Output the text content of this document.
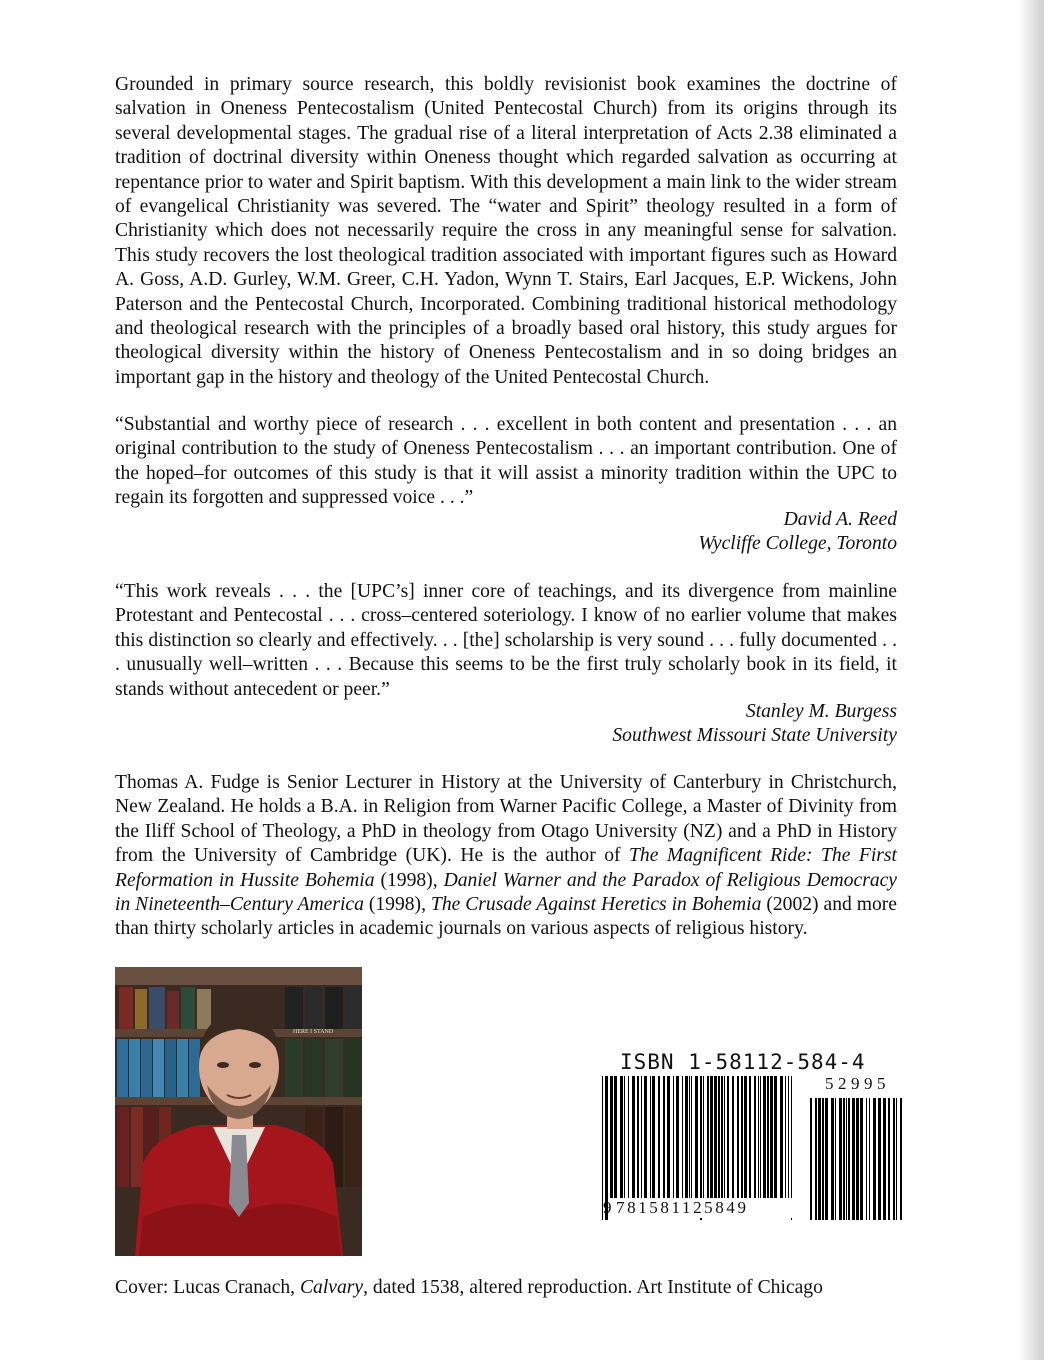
Grounded in primary source research, this boldly revisionist book examines the doctrine of salvation in Oneness Pentecostalism (United Pentecostal Church) from its origins through its several developmental stages. The gradual rise of a literal interpretation of Acts 2.38 eliminated a tradition of doctrinal diversity within Oneness thought which regarded salvation as occurring at repentance prior to water and Spirit baptism. With this development a main link to the wider stream of evangelical Christianity was severed. The “water and Spirit” theology resulted in a form of Christianity which does not necessarily require the cross in any meaningful sense for salvation. This study recovers the lost theological tradition associated with important figures such as Howard A. Goss, A.D. Gurley, W.M. Greer, C.H. Yadon, Wynn T. Stairs, Earl Jacques, E.P. Wickens, John Paterson and the Pentecostal Church, Incorporated. Combining traditional historical methodology and theological research with the principles of a broadly based oral history, this study argues for theological diversity within the history of Oneness Pentecostalism and in so doing bridges an important gap in the history and theology of the United Pentecostal Church.

“Substantial and worthy piece of research . . . excellent in both content and presentation . . . an original contribution to the study of Oneness Pentecostalism . . . an important contribution. One of the hoped–for outcomes of this study is that it will assist a minority tradition within the UPC to regain its forgotten and suppressed voice . . .”

David A. Reed
Wycliffe College, Toronto

“This work reveals . . . the [UPC’s] inner core of teachings, and its divergence from mainline Protestant and Pentecostal . . . cross–centered soteriology. I know of no earlier volume that makes this distinction so clearly and effectively. . . [the] scholarship is very sound . . . fully documented . . . unusually well–written . . . Because this seems to be the first truly scholarly book in its field, it stands without antecedent or peer.”

Stanley M. Burgess
Southwest Missouri State University

Thomas A. Fudge is Senior Lecturer in History at the University of Canterbury in Christchurch, New Zealand. He holds a B.A. in Religion from Warner Pacific College, a Master of Divinity from the Iliff School of Theology, a PhD in theology from Otago University (NZ) and a PhD in History from the University of Cambridge (UK). He is the author of The Magnificent Ride: The First Reformation in Hussite Bohemia (1998), Daniel Warner and the Paradox of Religious Democracy in Nineteenth–Century America (1998), The Crusade Against Heretics in Bohemia (2002) and more than thirty scholarly articles in academic journals on various aspects of religious history.

HERE I STAND
ISBN 1-58112-584-4
9 781581125849
52995
Cover: Lucas Cranach, Calvary, dated 1538, altered reproduction. Art Institute of Chicago
